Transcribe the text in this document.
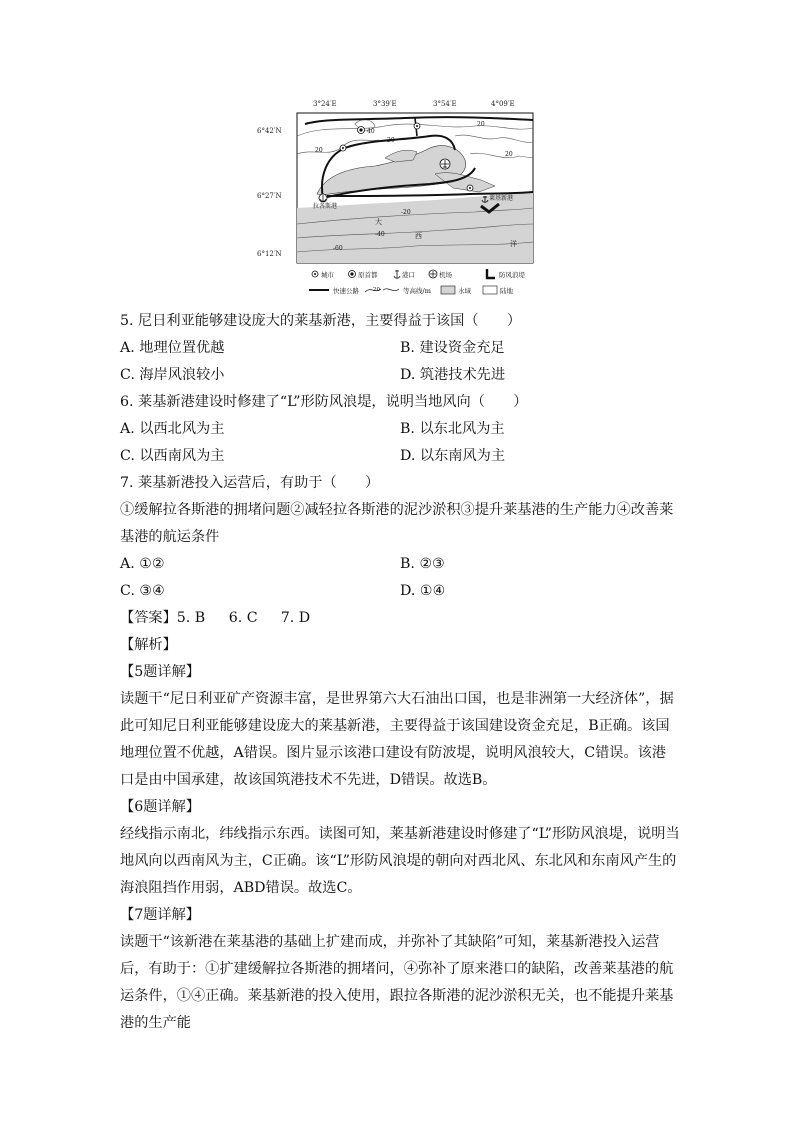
3°24′E	3°39′E	3°54′E	4°09′E
6°42′N
6°27′N
6°12′N
拉各斯港
莱基新港
大
西
洋
40
20
20
20
20
-20
-40
-60
城市	原首都	港口	机场	防风浪堤
快速公路	20	等高线/m	水域	陆地
5. 尼日利亚能够建设庞大的莱基新港，主要得益于该国（　　）
A. 地理位置优越	B. 建设资金充足
C. 海岸风浪较小	D. 筑港技术先进
6. 莱基新港建设时修建了“L”形防风浪堤，说明当地风向（　　）
A. 以西北风为主	B. 以东北风为主
C. 以西南风为主	D. 以东南风为主
7. 莱基新港投入运营后，有助于（　　）
①缓解拉各斯港的拥堵问题②减轻拉各斯港的泥沙淤积③提升莱基港的生产能力④改善莱基港的航运条件
A. ①②	B. ②③
C. ③④	D. ①④
【答案】5. B 6. C 7. D
【解析】
【5题详解】
读题干“尼日利亚矿产资源丰富，是世界第六大石油出口国，也是非洲第一大经济体”，据此可知尼日利亚能够建设庞大的莱基新港，主要得益于该国建设资金充足，B正确。该国地理位置不优越，A错误。图片显示该港口建设有防波堤，说明风浪较大，C错误。该港口是由中国承建，故该国筑港技术不先进，D错误。故选B。
【6题详解】
经线指示南北，纬线指示东西。读图可知，莱基新港建设时修建了“L”形防风浪堤，说明当地风向以西南风为主，C正确。该“L”形防风浪堤的朝向对西北风、东北风和东南风产生的海浪阻挡作用弱，ABD错误。故选C。
【7题详解】
读题干“该新港在莱基港的基础上扩建而成，并弥补了其缺陷”可知，莱基新港投入运营后，有助于：①扩建缓解拉各斯港的拥堵问，④弥补了原来港口的缺陷，改善莱基港的航运条件，①④正确。莱基新港的投入使用，跟拉各斯港的泥沙淤积无关，也不能提升莱基港的生产能
